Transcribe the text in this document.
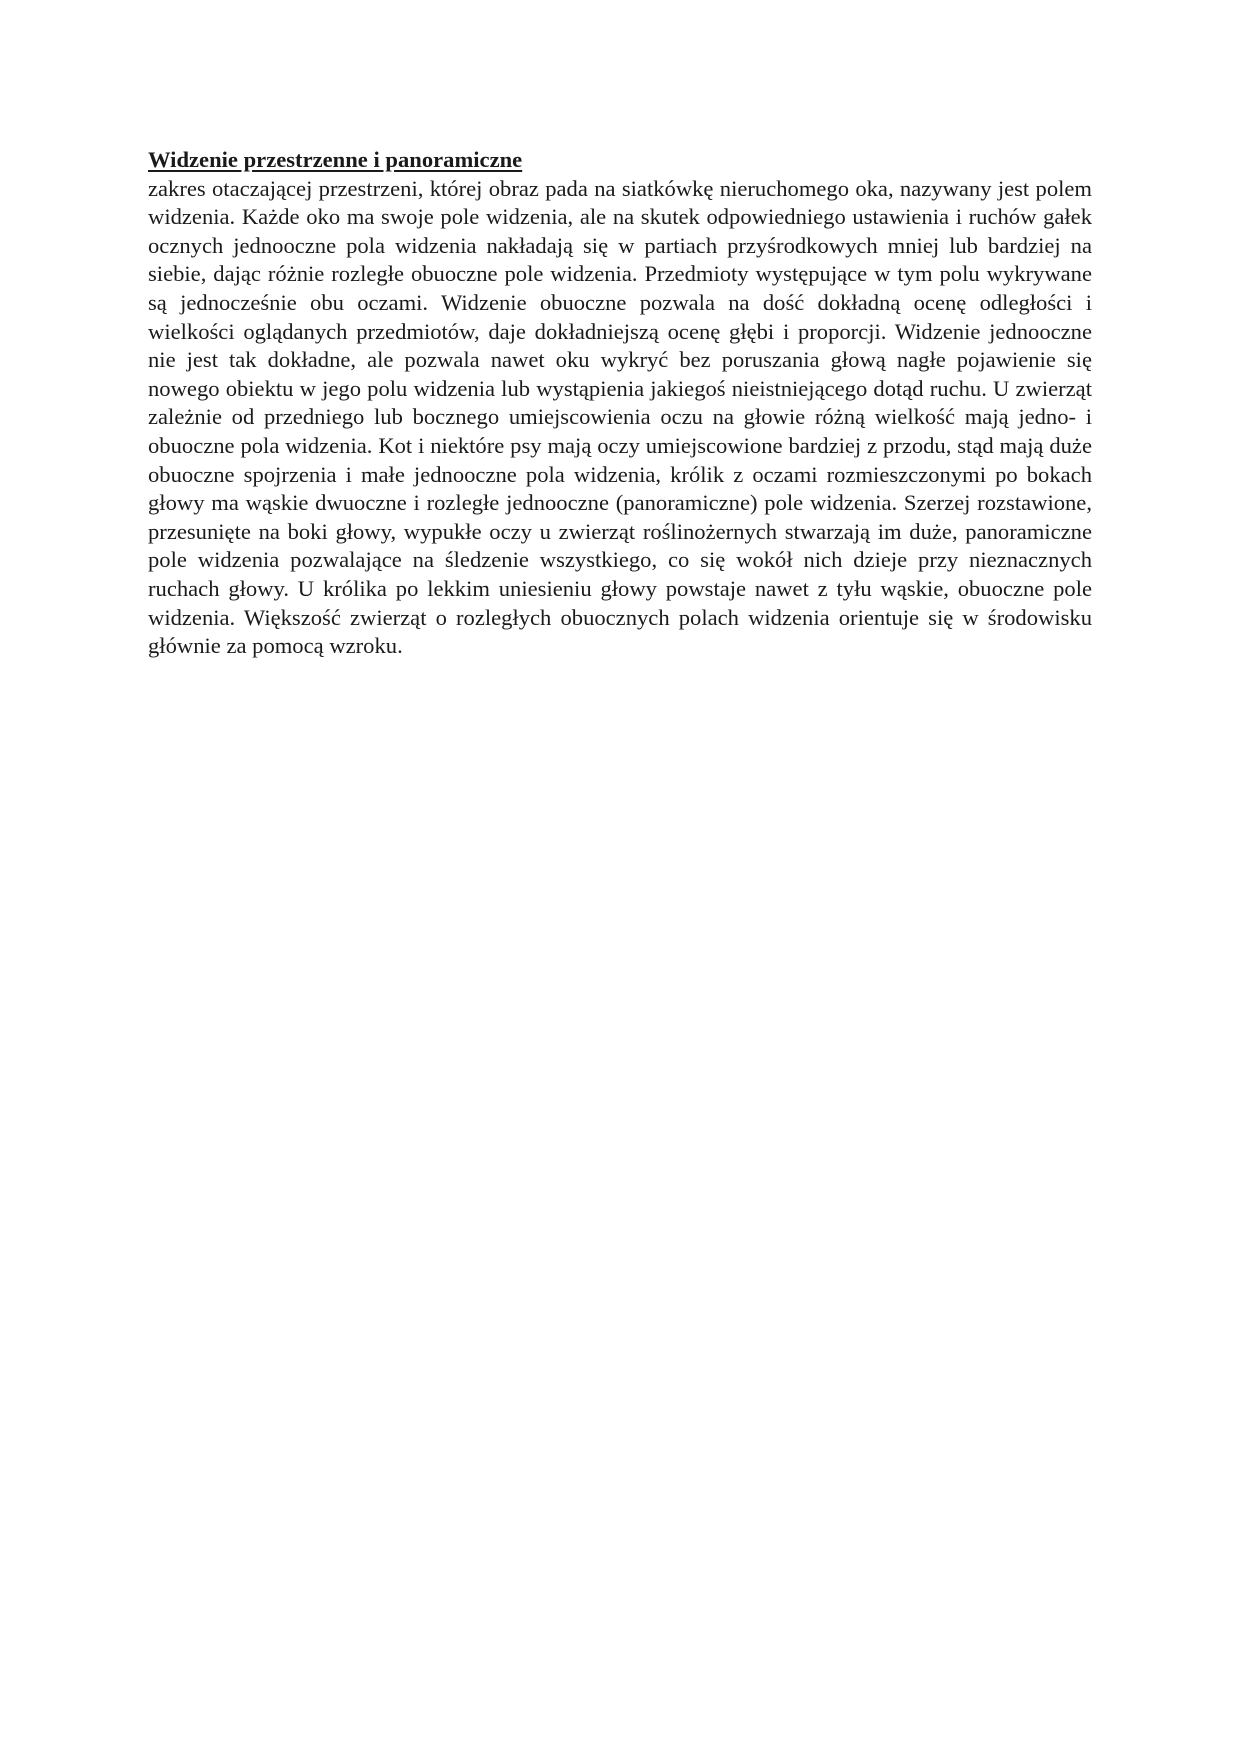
Widzenie przestrzenne i panoramiczne

zakres otaczającej przestrzeni, której obraz pada na siatkówkę nieruchomego oka, nazywany jest polem widzenia. Każde oko ma swoje pole widzenia, ale na skutek odpowiedniego ustawienia i ruchów gałek ocznych jednooczne pola widzenia nakładają się w partiach przyśrodkowych mniej lub bardziej na siebie, dając różnie rozległe obuoczne pole widzenia. Przedmioty występujące w tym polu wykrywane są jednocześnie obu oczami. Widzenie obuoczne pozwala na dość dokładną ocenę odległości i wielkości oglądanych przedmiotów, daje dokładniejszą ocenę głębi i proporcji. Widzenie jednooczne nie jest tak dokładne, ale pozwala nawet oku wykryć bez poruszania głową nagłe pojawienie się nowego obiektu w jego polu widzenia lub wystąpienia jakiegoś nieistniejącego dotąd ruchu. U zwierząt zależnie od przedniego lub bocznego umiejscowienia oczu na głowie różną wielkość mają jedno- i obuoczne pola widzenia. Kot i niektóre psy mają oczy umiejscowione bardziej z przodu, stąd mają duże obuoczne spojrzenia i małe jednooczne pola widzenia, królik z oczami rozmieszczonymi po bokach głowy ma wąskie dwuoczne i rozległe jednooczne (panoramiczne) pole widzenia. Szerzej rozstawione, przesunięte na boki głowy, wypukłe oczy u zwierząt roślinożernych stwarzają im duże, panoramiczne pole widzenia pozwalające na śledzenie wszystkiego, co się wokół nich dzieje przy nieznacznych ruchach głowy. U królika po lekkim uniesieniu głowy powstaje nawet z tyłu wąskie, obuoczne pole widzenia. Większość zwierząt o rozległych obuocznych polach widzenia orientuje się w środowisku głównie za pomocą wzroku.
